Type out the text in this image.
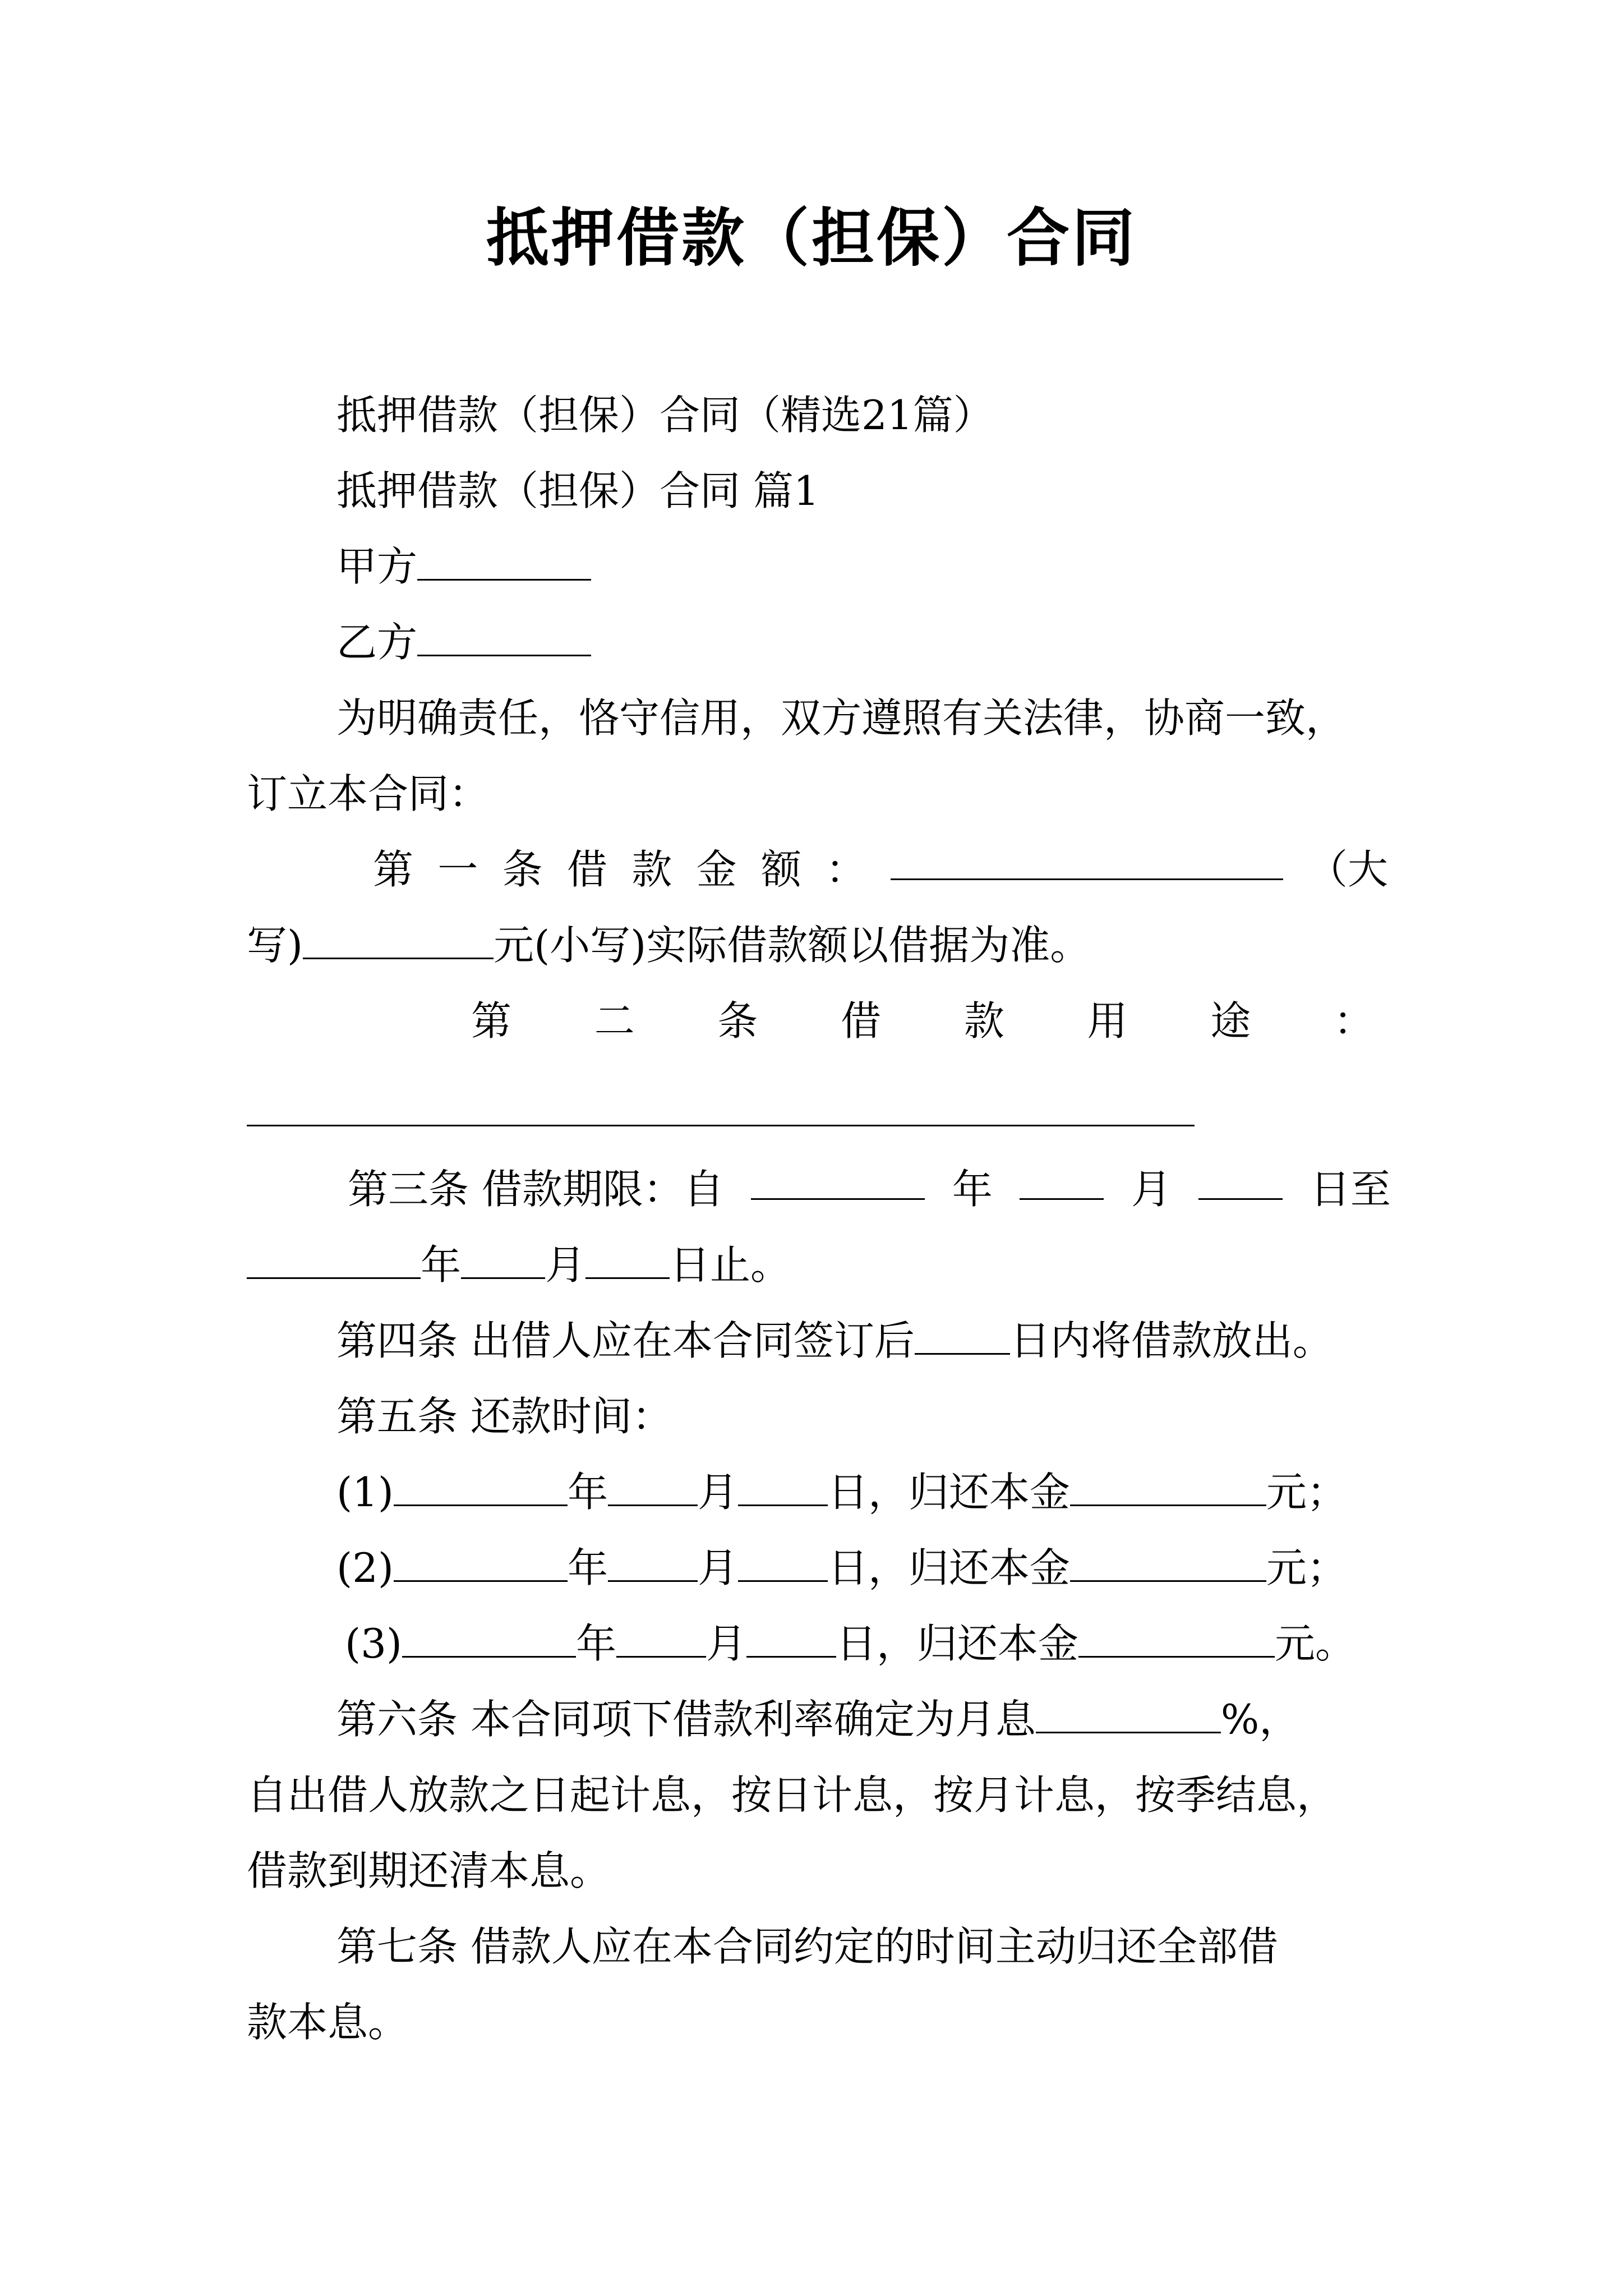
抵押借款（担保）合同
抵押借款（担保）合同（精选21篇）
抵押借款（担保）合同 篇1
甲方
乙方
为明确责任，恪守信用，双方遵照有关法律，协商一致，
订立本合同：
第 一 条 借 款 金 额 ：	（大
写)	元(小写)实际借款额以借据为准。
第 二 条 借 款 用 途 ：
第三条 借款期限：自	年	月	日至
年 月 日止。
第四条 出借人应在本合同签订后 日内将借款放出。
第五条 还款时间：
(1)	年 月 日，归还本金	元；
(2)	年 月 日，归还本金	元；
(3)	年 月 日，归还本金	元。
第六条 本合同项下借款利率确定为月息	%，
自出借人放款之日起计息，按日计息，按月计息，按季结息，
借款到期还清本息。
第七条 借款人应在本合同约定的时间主动归还全部借
款本息。
